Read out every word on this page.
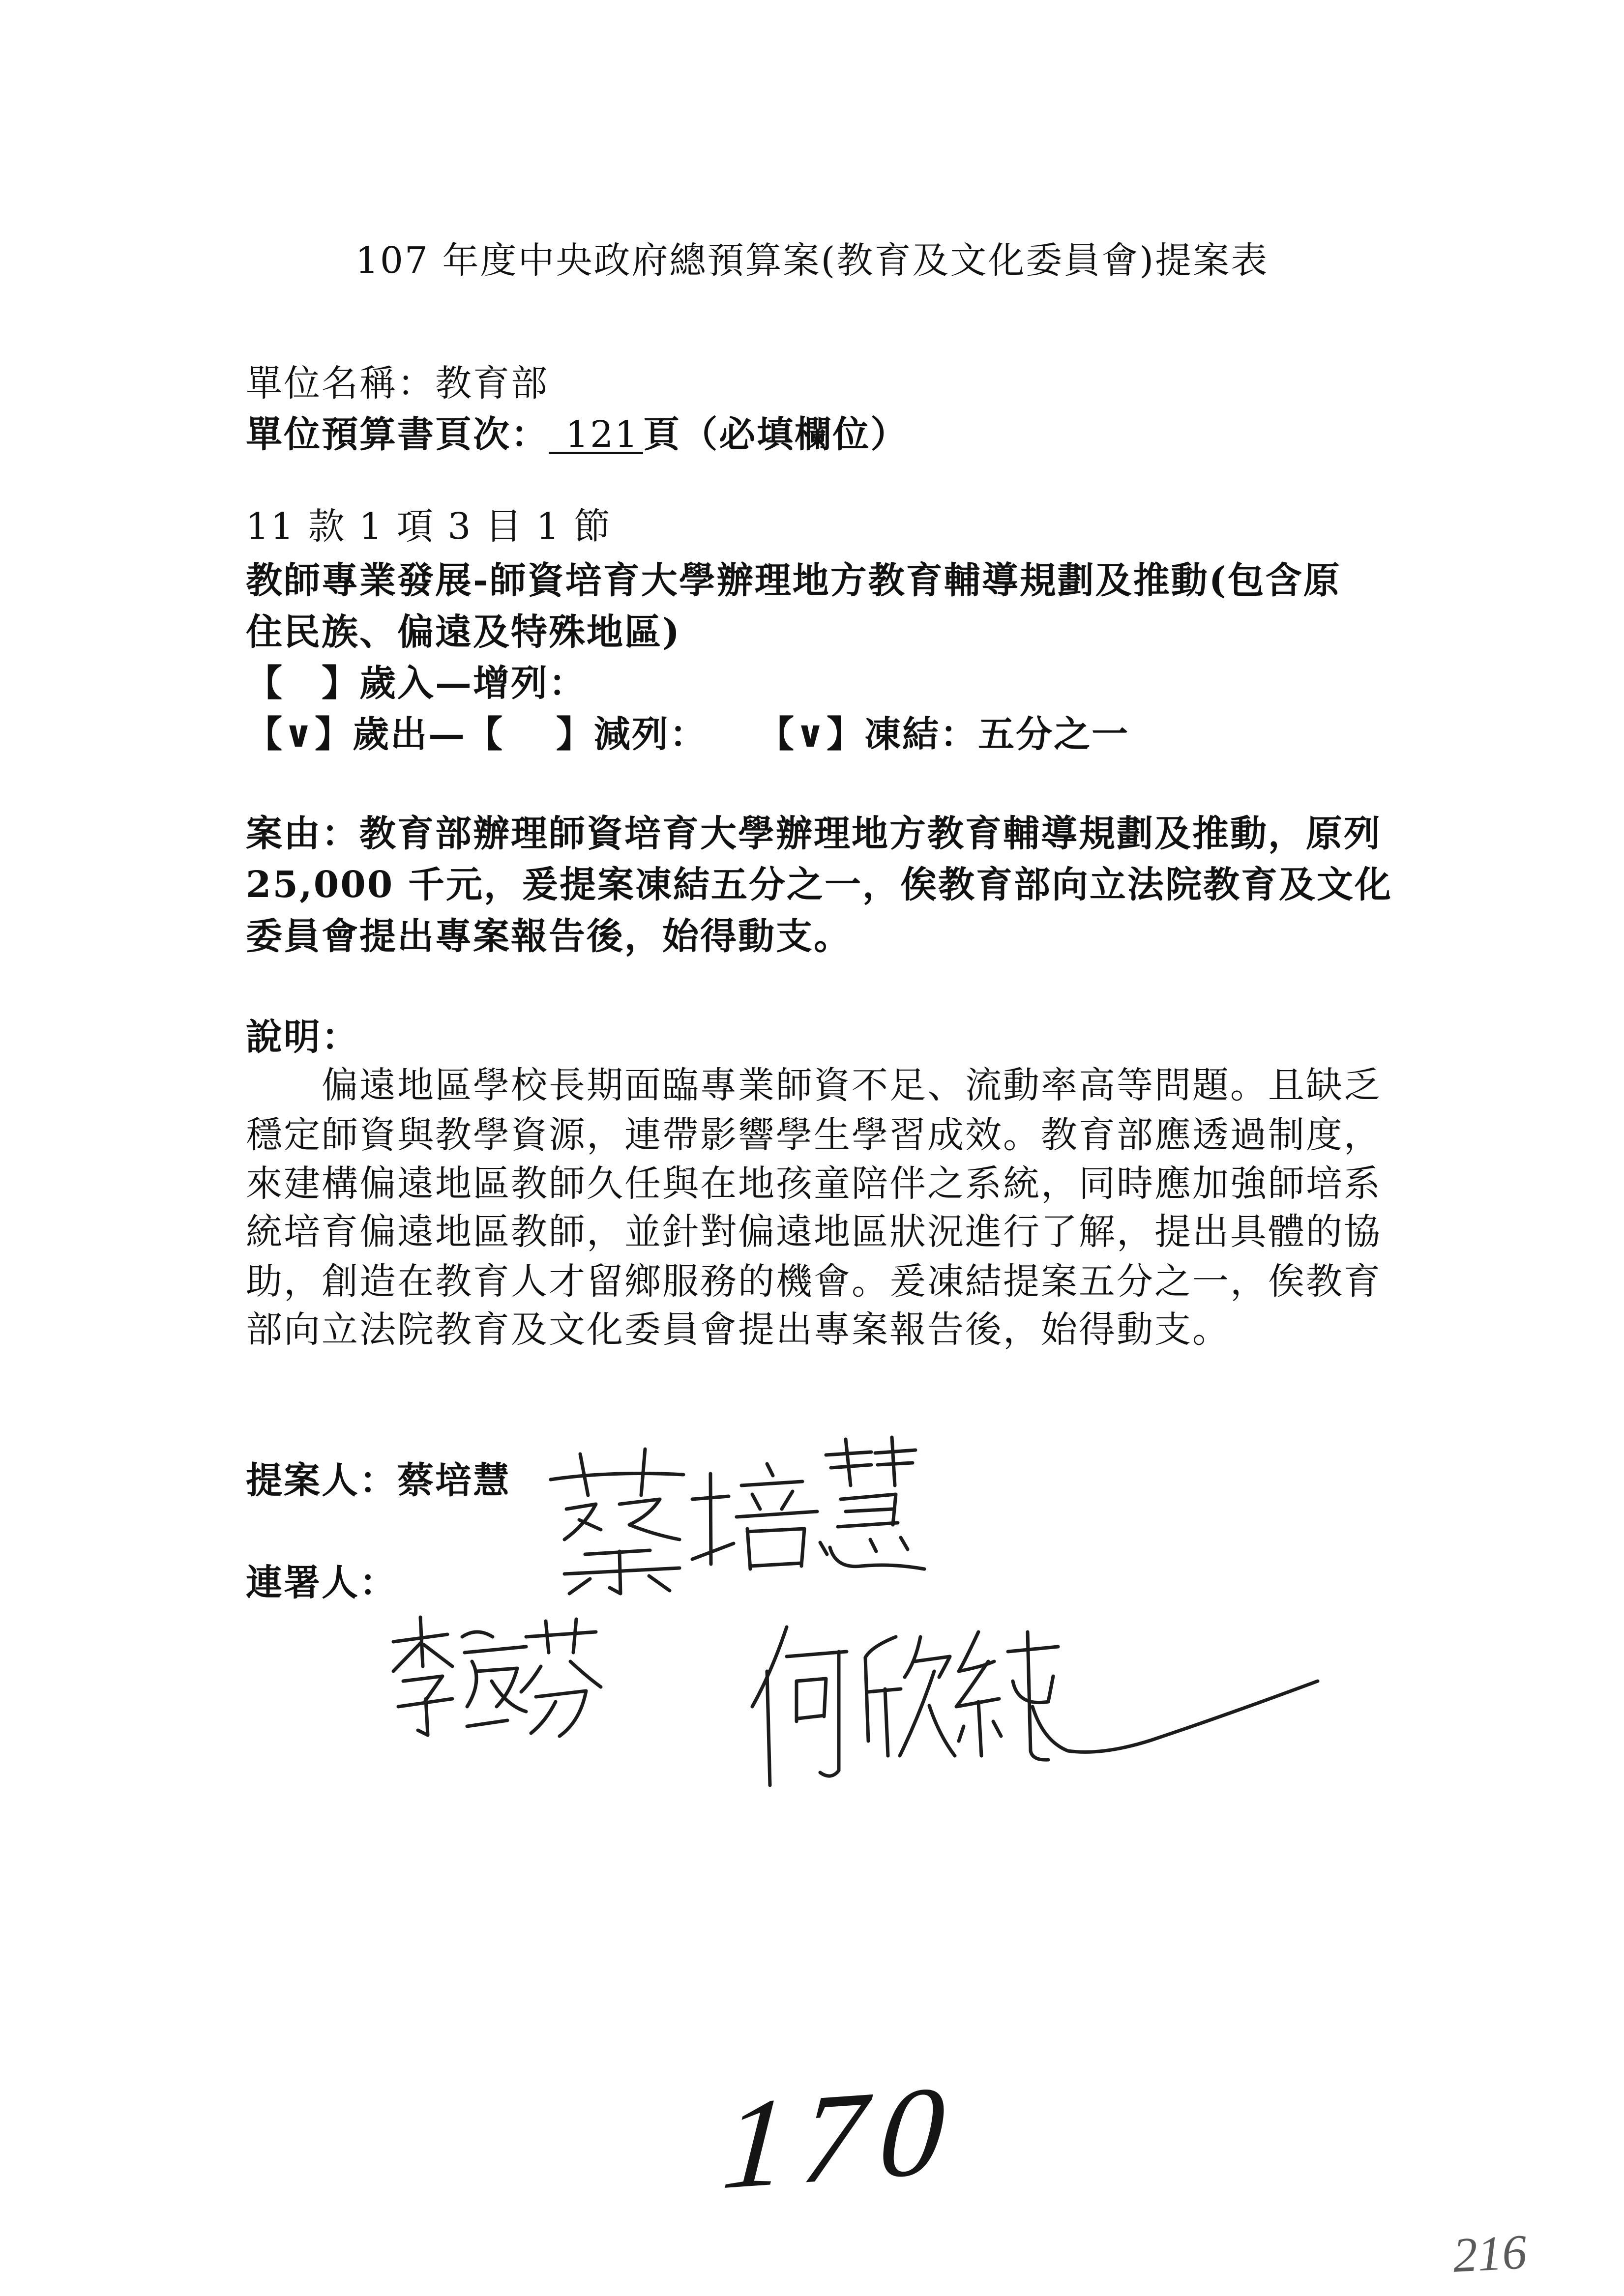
107 年度中央政府總預算案(教育及文化委員會)提案表
單位名稱：教育部
單位預算書頁次： 121 頁（必填欄位）
11 款 1 項 3 目 1 節
教師專業發展-師資培育大學辦理地方教育輔導規劃及推動(包含原
住民族、偏遠及特殊地區)
【　】歲入—增列：
【∨】歲出—【　 】減列： 【∨】凍結：五分之一
案由：教育部辦理師資培育大學辦理地方教育輔導規劃及推動，原列
25,000 千元，爰提案凍結五分之一，俟教育部向立法院教育及文化
委員會提出專案報告後，始得動支。
說明：
偏遠地區學校長期面臨專業師資不足、流動率高等問題。且缺乏
穩定師資與教學資源，連帶影響學生學習成效。教育部應透過制度，
來建構偏遠地區教師久任與在地孩童陪伴之系統，同時應加強師培系
統培育偏遠地區教師，並針對偏遠地區狀況進行了解，提出具體的協
助，創造在教育人才留鄉服務的機會。爰凍結提案五分之一，俟教育
部向立法院教育及文化委員會提出專案報告後，始得動支。
提案人：蔡培慧
連署人：
170
216
